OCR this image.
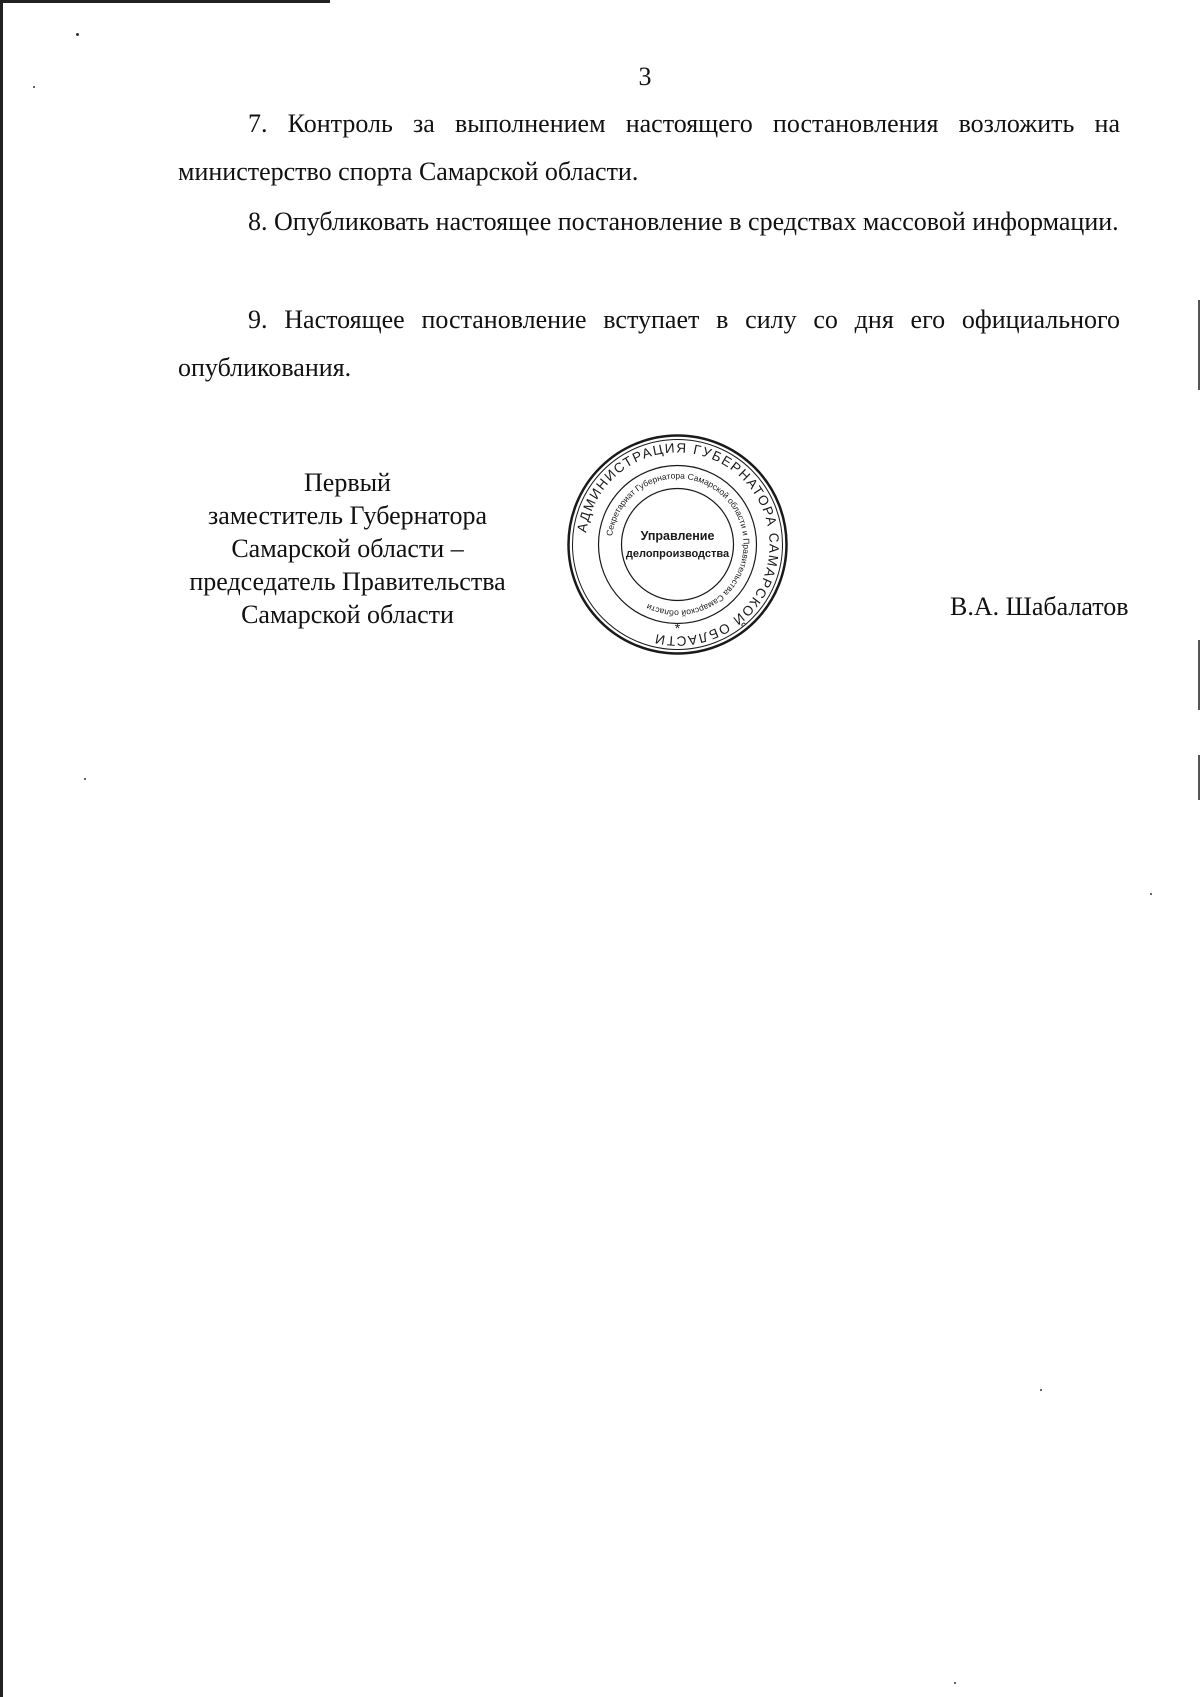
3
7. Контроль за выполнением настоящего постановления возложить на министерство спорта Самарской области.
8. Опубликовать настоящее постановление в средствах массовой информации.
9. Настоящее постановление вступает в силу со дня его официального опубликования.
Первый
заместитель Губернатора
Самарской области –
председатель Правительства
Самарской области
АДМИНИСТРАЦИЯ ГУБЕРНАТОРА САМАРСКОЙ ОБЛАСТИ
Секретариат Губернатора Самарской области и Правительства Самарской области
*
Управление
делопроизводства
В.А. Шабалатов
